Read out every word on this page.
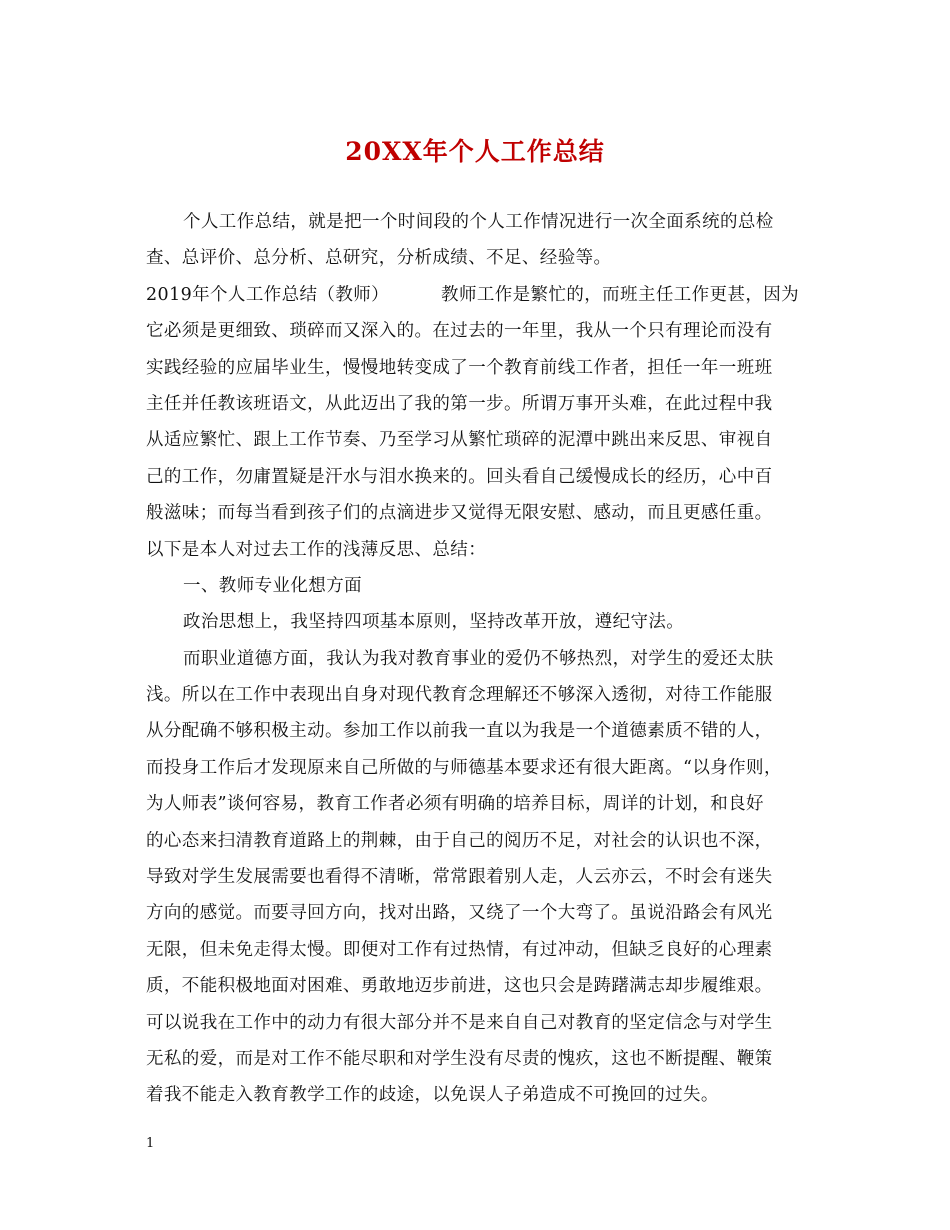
20XX年个人工作总结
个人工作总结，就是把一个时间段的个人工作情况进行一次全面系统的总检
查、总评价、总分析、总研究，分析成绩、不足、经验等。
2019年个人工作总结（教师）	教师工作是繁忙的，而班主任工作更甚，因为
它必须是更细致、琐碎而又深入的。在过去的一年里，我从一个只有理论而没有
实践经验的应届毕业生，慢慢地转变成了一个教育前线工作者，担任一年一班班
主任并任教该班语文，从此迈出了我的第一步。所谓万事开头难，在此过程中我
从适应繁忙、跟上工作节奏、乃至学习从繁忙琐碎的泥潭中跳出来反思、审视自
己的工作，勿庸置疑是汗水与泪水换来的。回头看自己缓慢成长的经历，心中百
般滋味；而每当看到孩子们的点滴进步又觉得无限安慰、感动，而且更感任重。
以下是本人对过去工作的浅薄反思、总结：
一、教师专业化想方面
政治思想上，我坚持四项基本原则，坚持改革开放，遵纪守法。
而职业道德方面，我认为我对教育事业的爱仍不够热烈，对学生的爱还太肤
浅。所以在工作中表现出自身对现代教育念理解还不够深入透彻，对待工作能服
从分配确不够积极主动。参加工作以前我一直以为我是一个道德素质不错的人，
而投身工作后才发现原来自己所做的与师德基本要求还有很大距离。“以身作则，
为人师表”谈何容易，教育工作者必须有明确的培养目标，周详的计划，和良好
的心态来扫清教育道路上的荆棘，由于自己的阅历不足，对社会的认识也不深，
导致对学生发展需要也看得不清晰，常常跟着别人走，人云亦云，不时会有迷失
方向的感觉。而要寻回方向，找对出路，又绕了一个大弯了。虽说沿路会有风光
无限，但未免走得太慢。即便对工作有过热情，有过冲动，但缺乏良好的心理素
质，不能积极地面对困难、勇敢地迈步前进，这也只会是踌躇满志却步履维艰。
可以说我在工作中的动力有很大部分并不是来自自己对教育的坚定信念与对学生
无私的爱，而是对工作不能尽职和对学生没有尽责的愧疚，这也不断提醒、鞭策
着我不能走入教育教学工作的歧途，以免误人子弟造成不可挽回的过失。
1
